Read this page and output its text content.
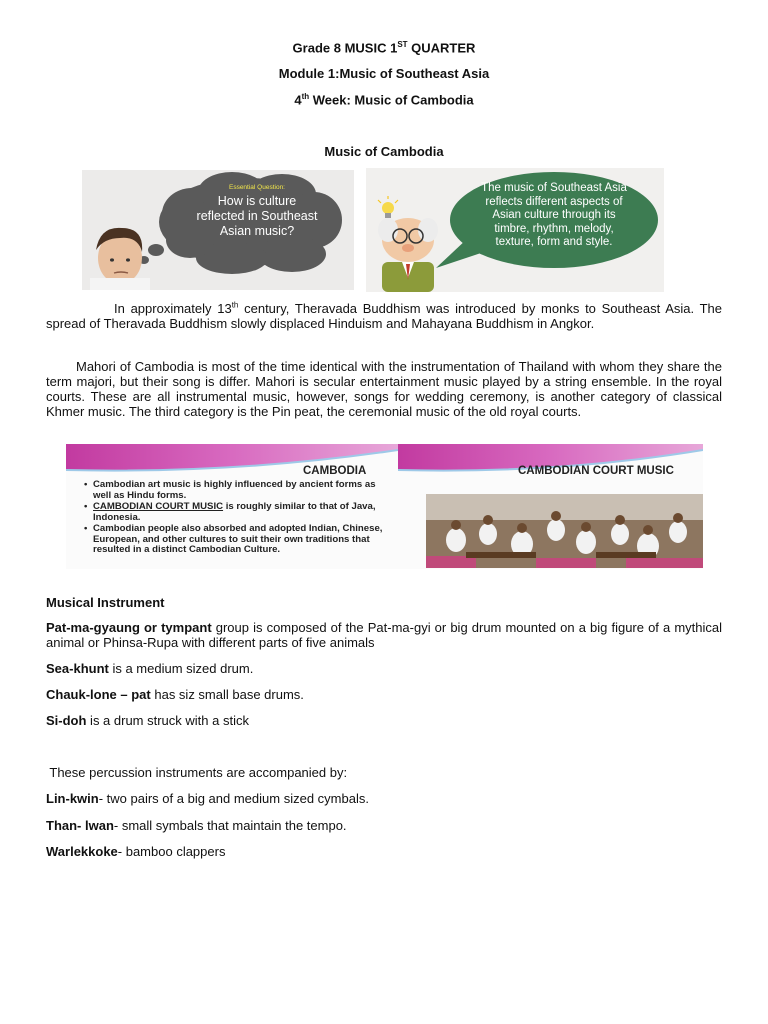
Grade 8 MUSIC 1ST QUARTER
Module 1:Music of Southeast Asia
4th Week: Music of Cambodia
Music of Cambodia
Essential Question:
How is culture reflected in Southeast Asian music?
The music of Southeast Asia reflects different aspects of Asian culture through its timbre, rhythm, melody, texture, form and style.
In approximately 13th century, Theravada Buddhism was introduced by monks to Southeast Asia. The spread of Theravada Buddhism slowly displaced Hinduism and Mahayana Buddhism in Angkor.
Mahori of Cambodia is most of the time identical with the instrumentation of Thailand with whom they share the term majori, but their song is differ. Mahori is secular entertainment music played by a string ensemble. In the royal courts. These are all instrumental music, however, songs for wedding ceremony, is another category of classical Khmer music. The third category is the Pin peat, the ceremonial music of the old royal courts.
CAMBODIA
• Cambodian art music is highly influenced by ancient forms as well as Hindu forms.
• CAMBODIAN COURT MUSIC is roughly similar to that of Java, Indonesia.
• Cambodian people also absorbed and adopted Indian, Chinese, European, and other cultures to suit their own traditions that resulted in a distinct Cambodian Culture.
CAMBODIAN COURT MUSIC
Musical Instrument
Pat-ma-gyaung or tympant group is composed of the Pat-ma-gyi or big drum mounted on a big figure of a mythical animal or Phinsa-Rupa with different parts of five animals
Sea-khunt is a medium sized drum.
Chauk-lone – pat has siz small base drums.
Si-doh is a drum struck with a stick
These percussion instruments are accompanied by:
Lin-kwin- two pairs of a big and medium sized cymbals.
Than- lwan- small symbals that maintain the tempo.
Warlekkoke- bamboo clappers
